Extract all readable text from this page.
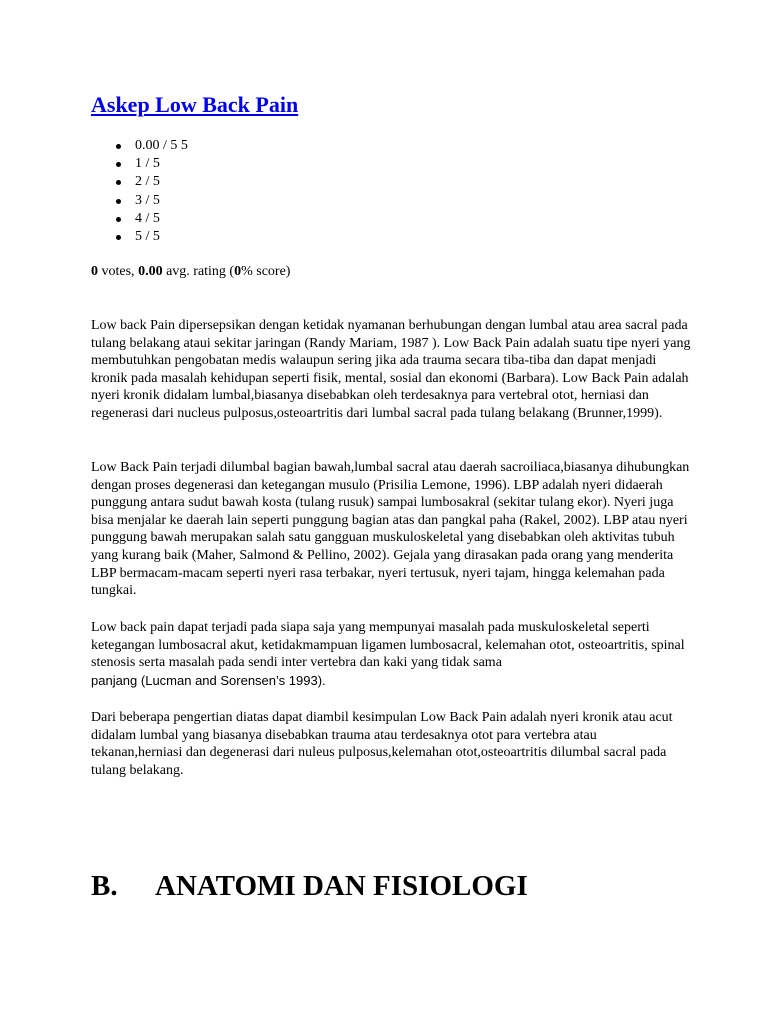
Askep Low Back Pain
0.00 / 5 5
1 / 5
2 / 5
3 / 5
4 / 5
5 / 5

0 votes, 0.00 avg. rating (0% score)

Low back Pain dipersepsikan dengan ketidak nyamanan berhubungan dengan lumbal atau area sacral pada tulang belakang ataui sekitar jaringan (Randy Mariam, 1987 ). Low Back Pain adalah suatu tipe nyeri yang membutuhkan pengobatan medis walaupun sering jika ada trauma secara tiba-tiba dan dapat menjadi kronik pada masalah kehidupan seperti fisik, mental, sosial dan ekonomi (Barbara). Low Back Pain adalah nyeri kronik didalam lumbal,biasanya disebabkan oleh terdesaknya para vertebral otot, herniasi dan regenerasi dari nucleus pulposus,osteoartritis dari lumbal sacral pada tulang belakang (Brunner,1999).

Low Back Pain terjadi dilumbal bagian bawah,lumbal sacral atau daerah sacroiliaca,biasanya dihubungkan dengan proses degenerasi dan ketegangan musulo (Prisilia Lemone, 1996). LBP adalah nyeri didaerah punggung antara sudut bawah kosta (tulang rusuk) sampai lumbosakral (sekitar tulang ekor). Nyeri juga bisa menjalar ke daerah lain seperti punggung bagian atas dan pangkal paha (Rakel, 2002). LBP atau nyeri punggung bawah merupakan salah satu gangguan muskuloskeletal yang disebabkan oleh aktivitas tubuh yang kurang baik (Maher, Salmond & Pellino, 2002). Gejala yang dirasakan pada orang yang menderita LBP bermacam-macam seperti nyeri rasa terbakar, nyeri tertusuk, nyeri tajam, hingga kelemahan pada tungkai.

Low back pain dapat terjadi pada siapa saja yang mempunyai masalah pada muskuloskeletal seperti ketegangan lumbosacral akut, ketidakmampuan ligamen lumbosacral, kelemahan otot, osteoartritis, spinal stenosis serta masalah pada sendi inter vertebra dan kaki yang tidak sama
panjang (Lucman and Sorensen’s 1993).

Dari beberapa pengertian diatas dapat diambil kesimpulan Low Back Pain adalah nyeri kronik atau acut didalam lumbal yang biasanya disebabkan trauma atau terdesaknya otot para vertebra atau tekanan,herniasi dan degenerasi dari nuleus pulposus,kelemahan otot,osteoartritis dilumbal sacral pada tulang belakang.

B. ANATOMI DAN FISIOLOGI
